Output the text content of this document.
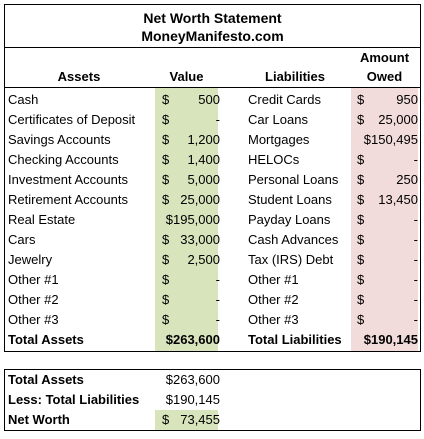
Net Worth Statement
MoneyManifesto.com
Assets	Value	Liabilities
Amount
Owed
Cash	$	500 Credit Cards	$	950
Certificates of Deposit $	- Car Loans	$	25,000
Savings Accounts	$	1,200 Mortgages	$150,495
Checking Accounts	$	1,400 HELOCs	$	-
Investment Accounts	$	5,000 Personal Loans $	250
Retirement Accounts	$ 25,000 Student Loans $	13,450
Real Estate	$195,000 Payday Loans $	-
Cars	$ 33,000 Cash Advances $	-
Jewelry	$	2,500 Tax (IRS) Debt $	-
Other #1	$	- Other #1	$	-
Other #2	$	- Other #2	$	-
Other #3	$	- Other #3	$	-
Total Assets	$263,600 Total Liabilities	$190,145
Total Assets	$263,600
Less: Total Liabilities $190,145
Net Worth	$ 73,455
